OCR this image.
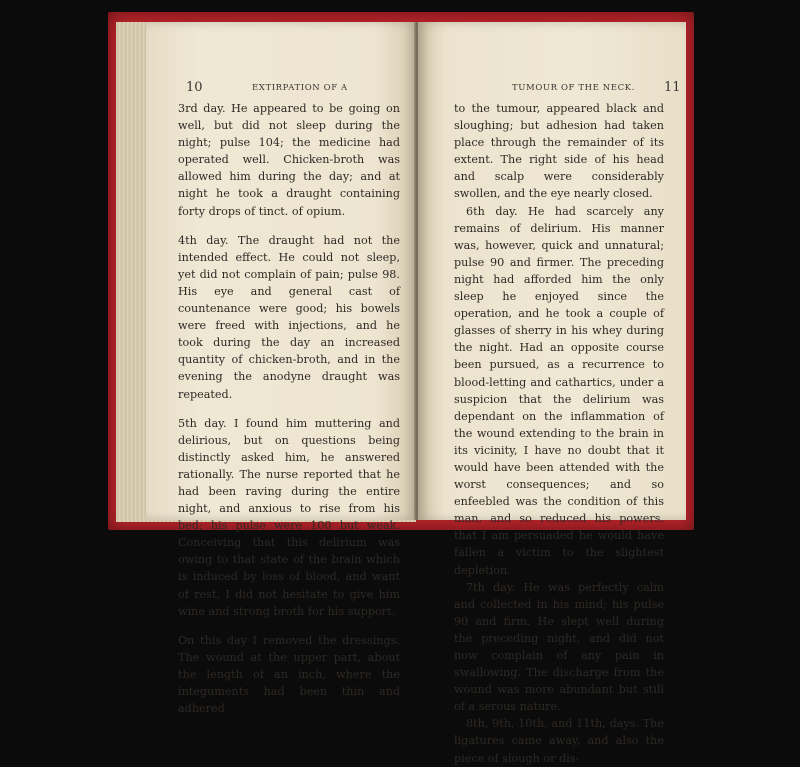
10	EXTIRPATION OF A

3rd day. He appeared to be going on well, but did not sleep during the night; pulse 104; the medicine had operated well. Chicken-broth was allowed him during the day; and at night he took a draught containing forty drops of tinct. of opium.

4th day. The draught had not the intended effect. He could not sleep, yet did not complain of pain; pulse 98. His eye and general cast of countenance were good; his bowels were freed with injections, and he took during the day an increased quantity of chicken-broth, and in the evening the anodyne draught was repeated.

5th day. I found him muttering and delirious, but on questions being distinctly asked him, he answered rationally. The nurse reported that he had been raving during the entire night, and anxious to rise from his bed; his pulse were 100 but weak. Conceiving that this delirium was owing to that state of the brain which is induced by loss of blood, and want of rest, I did not hesitate to give him wine and strong broth for his support.

On this day I removed the dressings. The wound at the upper part, about the length of an inch, where the integuments had been thin and adhered

TUMOUR OF THE NECK. 11

to the tumour, appeared black and sloughing; but adhesion had taken place through the remainder of its extent. The right side of his head and scalp were considerably swollen, and the eye nearly closed.

6th day. He had scarcely any remains of delirium. His manner was, however, quick and unnatural; pulse 90 and firmer. The preceding night had afforded him the only sleep he enjoyed since the operation, and he took a couple of glasses of sherry in his whey during the night. Had an opposite course been pursued, as a recurrence to blood-letting and cathartics, under a suspicion that the delirium was dependant on the inflammation of the wound extending to the brain in its vicinity, I have no doubt that it would have been attended with the worst consequences; and so enfeebled was the condition of this man, and so reduced his powers, that I am persuaded he would have fallen a victim to the slightest depletion.

7th day. He was perfectly calm and collected in his mind; his pulse 90 and firm. He slept well during the preceding night, and did not now complain of any pain in swallowing. The discharge from the wound was more abundant but still of a serous nature.

8th, 9th, 10th, and 11th, days. The ligatures came away, and also the piece of slough or dis-
